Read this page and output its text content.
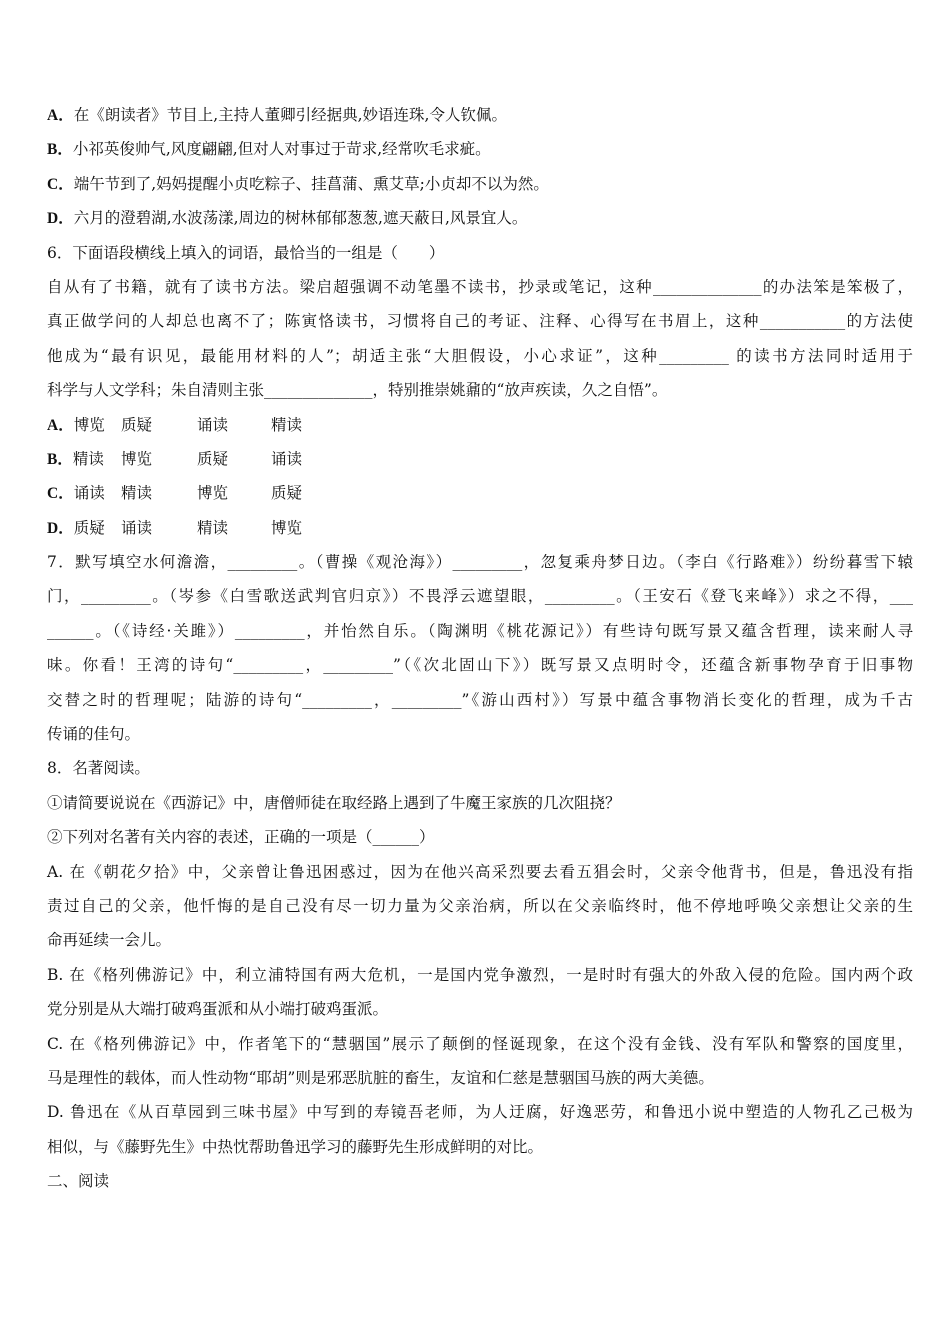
A．在《朗读者》节目上,主持人董卿引经据典,妙语连珠,令人钦佩。
B．小祁英俊帅气,风度翩翩,但对人对事过于苛求,经常吹毛求疵。
C．端午节到了,妈妈提醒小贞吃粽子、挂菖蒲、熏艾草;小贞却不以为然。
D．六月的澄碧湖,水波荡漾,周边的树林郁郁葱葱,遮天蔽日,风景宜人。
6．下面语段横线上填入的词语，最恰当的一组是（　　）
自从有了书籍，就有了读书方法。梁启超强调不动笔墨不读书，抄录或笔记，这种______________的办法笨是笨极了，
真正做学问的人却总也离不了；陈寅恪读书，习惯将自己的考证、注释、心得写在书眉上，这种___________的方法使
他成为“最有识见，最能用材料的人”；胡适主张“大胆假设，小心求证”，这种_________ 的读书方法同时适用于
科学与人文学科；朱自清则主张______________，特别推崇姚鼐的“放声疾读，久之自悟”。
A．博览 质疑	诵读	精读
B．精读 博览	质疑	诵读
C．诵读 精读	博览	质疑
D．质疑 诵读	精读	博览
7．默写填空水何澹澹，_________。（曹操《观沧海》）_________，忽复乘舟梦日边。（李白《行路难》）纷纷暮雪下辕
门，_________。（岑参《白雪歌送武判官归京》）不畏浮云遮望眼，_________。（王安石《登飞来峰》）求之不得，___
______。（《诗经·关雎》）_________，并怡然自乐。（陶渊明《桃花源记》）有些诗句既写景又蕴含哲理，读来耐人寻
味。你看！王湾的诗句“_________，_________”（《次北固山下》）既写景又点明时令，还蕴含新事物孕育于旧事物
交替之时的哲理呢；陆游的诗句“_________，_________”《游山西村》）写景中蕴含事物消长变化的哲理，成为千古
传诵的佳句。
8．名著阅读。
①请简要说说在《西游记》中，唐僧师徒在取经路上遇到了牛魔王家族的几次阻挠？
②下列对名著有关内容的表述，正确的一项是（______）
A. 在《朝花夕拾》中，父亲曾让鲁迅困惑过，因为在他兴高采烈要去看五猖会时，父亲令他背书，但是，鲁迅没有指
责过自己的父亲，他忏悔的是自己没有尽一切力量为父亲治病，所以在父亲临终时，他不停地呼唤父亲想让父亲的生
命再延续一会儿。
B. 在《格列佛游记》中，利立浦特国有两大危机，一是国内党争激烈，一是时时有强大的外敌入侵的危险。国内两个政
党分别是从大端打破鸡蛋派和从小端打破鸡蛋派。
C. 在《格列佛游记》中，作者笔下的“慧骃国”展示了颠倒的怪诞现象，在这个没有金钱、没有军队和警察的国度里，
马是理性的载体，而人性动物“耶胡”则是邪恶肮脏的畜生，友谊和仁慈是慧骃国马族的两大美德。
D. 鲁迅在《从百草园到三味书屋》中写到的寿镜吾老师，为人迂腐，好逸恶劳，和鲁迅小说中塑造的人物孔乙己极为
相似，与《藤野先生》中热忱帮助鲁迅学习的藤野先生形成鲜明的对比。
二、阅读
